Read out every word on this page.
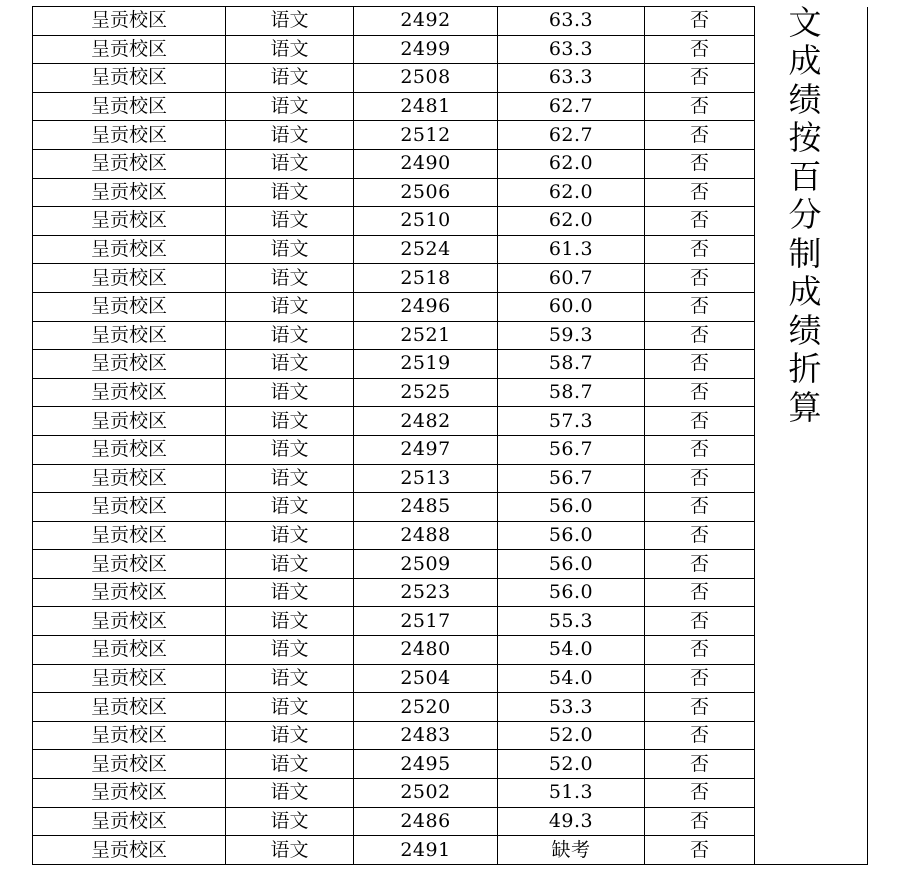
呈贡校区	语文	2492	63.3	否	文成绩按百分制成绩折算

呈贡校区	语文	2499	63.3	否	
呈贡校区	语文	2508	63.3	否	
呈贡校区	语文	2481	62.7	否	
呈贡校区	语文	2512	62.7	否	
呈贡校区	语文	2490	62.0	否	
呈贡校区	语文	2506	62.0	否	
呈贡校区	语文	2510	62.0	否	
呈贡校区	语文	2524	61.3	否	
呈贡校区	语文	2518	60.7	否	
呈贡校区	语文	2496	60.0	否	
呈贡校区	语文	2521	59.3	否	
呈贡校区	语文	2519	58.7	否	
呈贡校区	语文	2525	58.7	否	
呈贡校区	语文	2482	57.3	否	
呈贡校区	语文	2497	56.7	否	
呈贡校区	语文	2513	56.7	否	
呈贡校区	语文	2485	56.0	否	
呈贡校区	语文	2488	56.0	否	
呈贡校区	语文	2509	56.0	否	
呈贡校区	语文	2523	56.0	否	
呈贡校区	语文	2517	55.3	否	
呈贡校区	语文	2480	54.0	否	
呈贡校区	语文	2504	54.0	否	
呈贡校区	语文	2520	53.3	否	
呈贡校区	语文	2483	52.0	否	
呈贡校区	语文	2495	52.0	否	
呈贡校区	语文	2502	51.3	否	
呈贡校区	语文	2486	49.3	否	
呈贡校区	语文	2491	缺考	否	
